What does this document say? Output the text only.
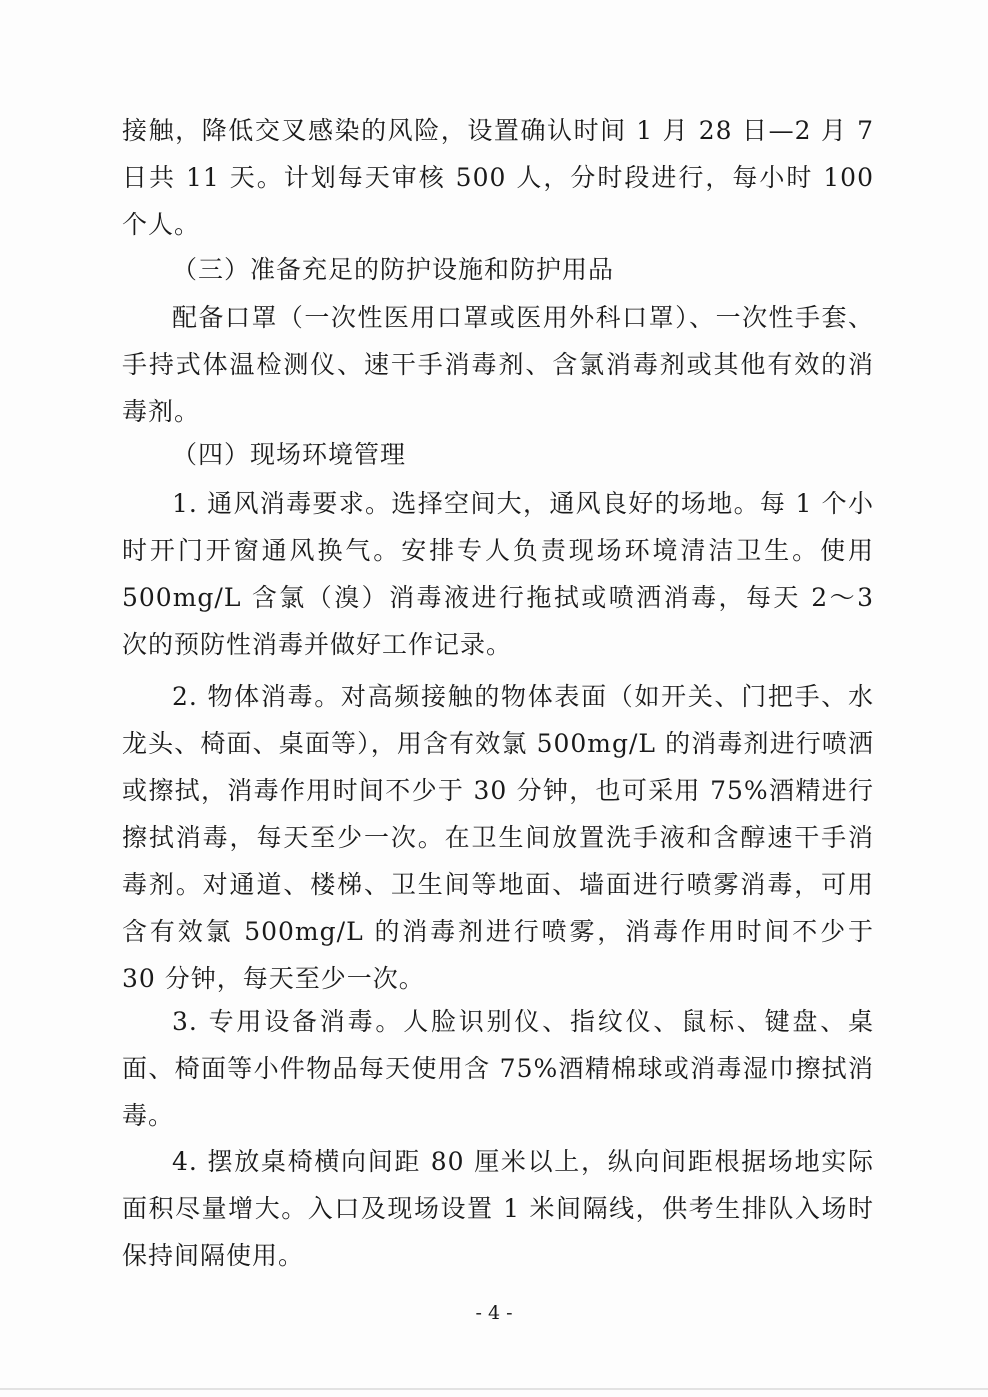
接触，降低交叉感染的风险，设置确认时间 1 月 28 日—2 月 7 日共 11 天。计划每天审核 500 人，分时段进行，每小时 100 个人。

（三）准备充足的防护设施和防护用品

配备口罩（一次性医用口罩或医用外科口罩）、一次性手套、手持式体温检测仪、速干手消毒剂、含氯消毒剂或其他有效的消毒剂。

（四）现场环境管理

1. 通风消毒要求。选择空间大，通风良好的场地。每 1 个小时开门开窗通风换气。安排专人负责现场环境清洁卫生。使用 500mg/L 含氯（溴）消毒液进行拖拭或喷洒消毒，每天 2～3 次的预防性消毒并做好工作记录。

2. 物体消毒。对高频接触的物体表面（如开关、门把手、水龙头、椅面、桌面等），用含有效氯 500mg/L 的消毒剂进行喷洒或擦拭，消毒作用时间不少于 30 分钟，也可采用 75%酒精进行擦拭消毒，每天至少一次。在卫生间放置洗手液和含醇速干手消毒剂。对通道、楼梯、卫生间等地面、墙面进行喷雾消毒，可用含有效氯 500mg/L 的消毒剂进行喷雾，消毒作用时间不少于 30 分钟，每天至少一次。

3. 专用设备消毒。人脸识别仪、指纹仪、鼠标、键盘、桌面、椅面等小件物品每天使用含 75%酒精棉球或消毒湿巾擦拭消毒。

4. 摆放桌椅横向间距 80 厘米以上，纵向间距根据场地实际面积尽量增大。入口及现场设置 1 米间隔线，供考生排队入场时保持间隔使用。

- 4 -
